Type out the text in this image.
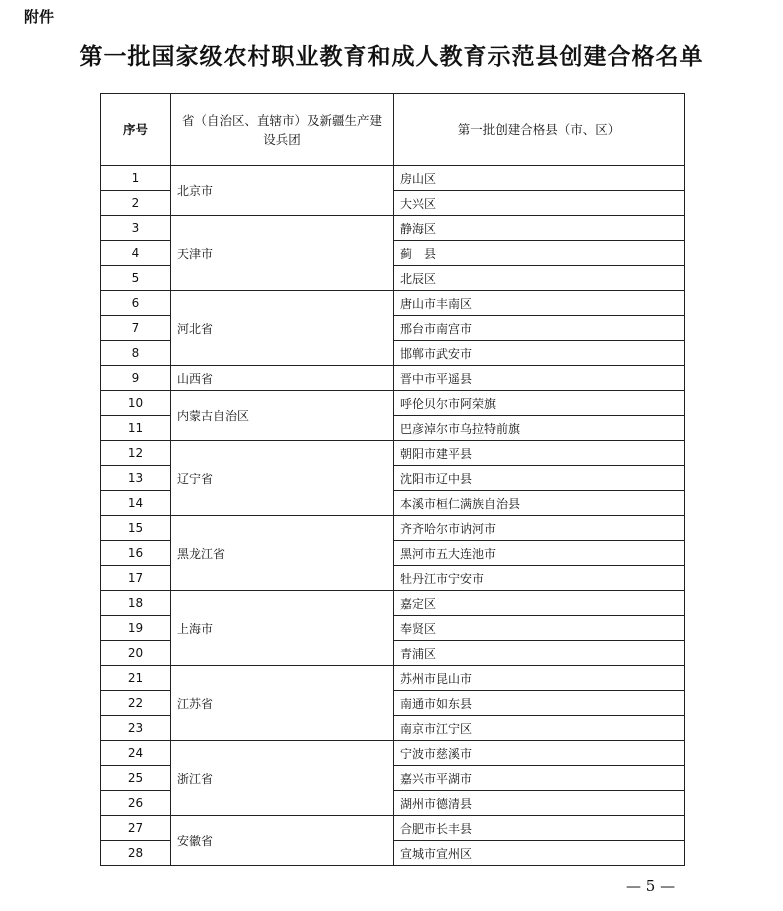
附件
第一批国家级农村职业教育和成人教育示范县创建合格名单
序号	省（自治区、直辖市）及新疆生产建设兵团	第一批创建合格县（市、区）
1	北京市	房山区
2		大兴区
3	天津市	静海区
4		蓟　县
5		北辰区
6	河北省	唐山市丰南区
7		邢台市南宫市
8		邯郸市武安市
9	山西省	晋中市平遥县
10	内蒙古自治区	呼伦贝尔市阿荣旗
11		巴彦淖尔市乌拉特前旗
12	辽宁省	朝阳市建平县
13		沈阳市辽中县
14		本溪市桓仁满族自治县
15	黑龙江省	齐齐哈尔市讷河市
16		黑河市五大连池市
17		牡丹江市宁安市
18	上海市	嘉定区
19		奉贤区
20		青浦区
21	江苏省	苏州市昆山市
22		南通市如东县
23		南京市江宁区
24	浙江省	宁波市慈溪市
25		嘉兴市平湖市
26		湖州市德清县
27	安徽省	合肥市长丰县
28		宣城市宣州区
— 5 —
